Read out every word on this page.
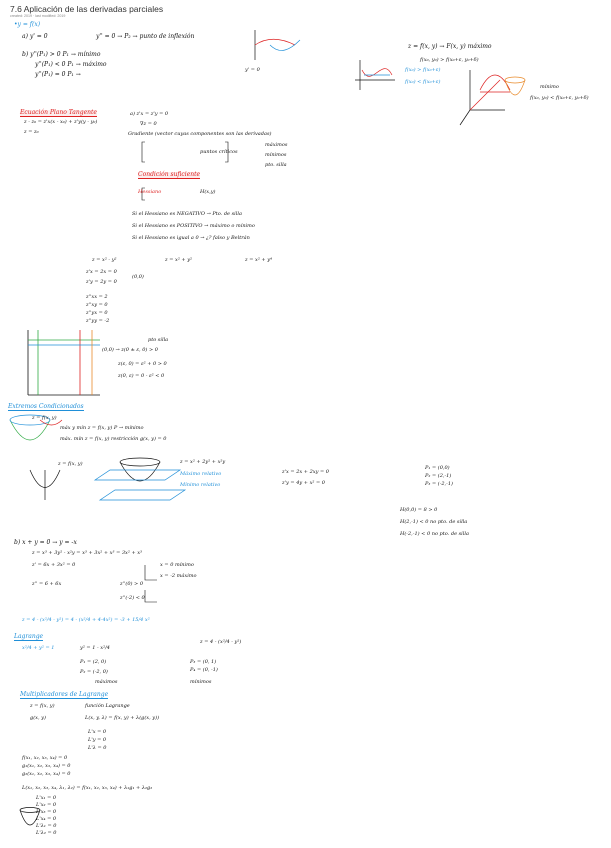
7.6 Aplicación de las derivadas parciales
created: 2019 · last modified: 2019
•y = f(x)
a) y' = 0	y'' = 0 → P₂ → punto de inflexión
b) y''(P₁) > 0 P₁ → mínimo
y''(P₁) < 0 P₁ → máximo
y''(P₁) = 0 P₁ →
y' = 0
z = f(x, y) → F(x, y) máximo
f(x₀, y₀) > f(x₀+ε, y₀+δ)
f(x₀) > f(x₀+ε)
f(x₀) < f(x₀+ε)
mínimo
f(x₀, y₀) < f(x₀+ε, y₀+δ)
Ecuación Plano Tangente
z - z₀ = z'x(x - x₀) + z'y(y - y₀)
z = z₀
a) z'x = z'y = 0
∇z = 0
Gradiente (vector cuyas componentes son las derivadas)
puntos críticos
máximos
mínimos
pto. silla
Condición suficiente
Hessiano	H(x,y)
Si el Hessiano es NEGATIVO → Pto. de silla
Si el Hessiano es POSITIVO → máximo o mínimo
Si el Hessiano es igual a 0 → ¿? falso y Beltrán
z = x² - y²	z = x² + y²	z = x² + y⁴
z'x = 2x = 0
z'y = 2y = 0
(0,0)
z''xx = 2
z''xy = 0
z''yx = 0
z''yy = -2
pto silla
(0,0) → z(0 ± ε, 0) > 0
z(ε, 0) = ε² + 0 > 0
z(0, ε) = 0 - ε² < 0
Extremos Condicionados
z = f(x, y)
máx y mín z = f(x, y) P → mínimo
máx. mín z = f(x, y) restricción g(x, y) = 0
z = x² + 2y² + x²y
z = f(x, y)
Máximo relativo
Mínimo relativo
z'x = 2x + 2xy = 0
z'y = 4y + x² = 0
P₁ = (0,0)
P₂ = (2,-1)
P₃ = (-2,-1)
H(0,0) = 8 > 0
H(2,-1) < 0 no pto. de silla
H(-2,-1) < 0 no pto. de silla
b) x + y = 0 → y = -x
z = x³ + 3y² - x²y = x³ + 3x² + x³ = 3x² + x³
z' = 6x + 3x² = 0	x = 0 mínimo
x = -2 máximo
z'' = 6 + 6x	z''(0) > 0
z''(-2) < 0
z = 4 - (x²/4 - y²) = 4 - (x²/4 + 4·4x²) = -3 + 15/4 x²
Lagrange
x²/4 + y² = 1	y² = 1 - x²/4
z = 4 - (x²/4 - y²)
P₁ = (2, 0)
P₂ = (-2, 0)
P₃ = (0, 1)
P₄ = (0, -1)
máximos	mínimos
Multiplicadores de Lagrange
z = f(x, y)
g(x, y)
función Lagrange
L(x, y, λ) = f(x, y) + λ(g(x, y))
L'x = 0
L'y = 0
L'λ = 0
f(x₁, x₂, x₃, x₄) = 0
g₁(x₁, x₂, x₃, x₄) = 0
g₂(x₁, x₂, x₃, x₄) = 0
L(x₁, x₂, x₃, x₄, λ₁, λ₂) = f(x₁, x₂, x₃, x₄) + λ₁g₁ + λ₂g₂
L'x₁ = 0
L'x₂ = 0
L'x₃ = 0
L'x₄ = 0
L'λ₁ = 0
L'λ₂ = 0
